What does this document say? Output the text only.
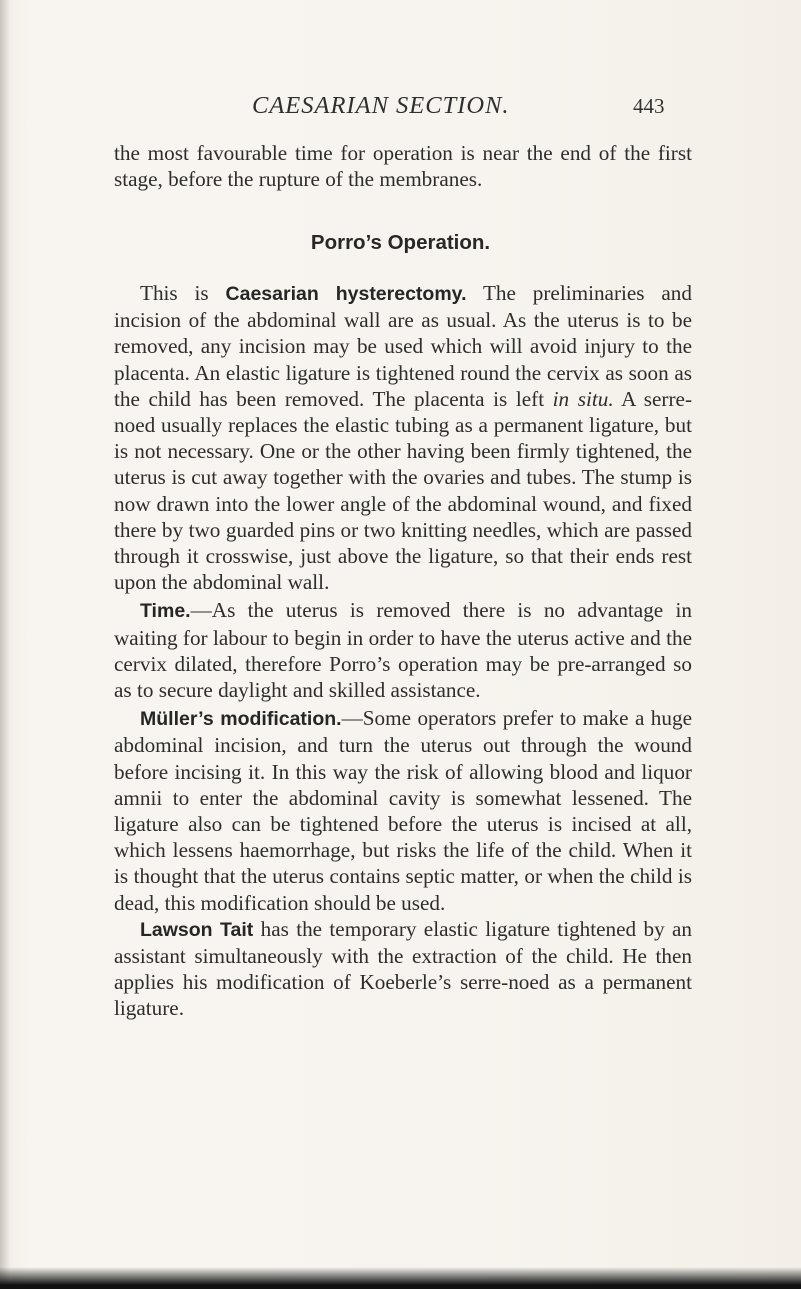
CAESARIAN SECTION.	443

the most favourable time for operation is near the end of the first stage, before the rupture of the membranes.

Porro’s Operation.

This is Caesarian hysterectomy. The preliminaries and incision of the abdominal wall are as usual. As the uterus is to be removed, any incision may be used which will avoid injury to the placenta. An elastic ligature is tightened round the cervix as soon as the child has been removed. The placenta is left in situ. A serre-noed usually replaces the elastic tubing as a permanent ligature, but is not necessary. One or the other having been firmly tightened, the uterus is cut away together with the ovaries and tubes. The stump is now drawn into the lower angle of the abdominal wound, and fixed there by two guarded pins or two knitting needles, which are passed through it crosswise, just above the ligature, so that their ends rest upon the abdominal wall.

Time.—As the uterus is removed there is no advantage in waiting for labour to begin in order to have the uterus active and the cervix dilated, therefore Porro’s operation may be pre-arranged so as to secure daylight and skilled assistance.

Müller’s modification.—Some operators prefer to make a huge abdominal incision, and turn the uterus out through the wound before incising it. In this way the risk of allowing blood and liquor amnii to enter the abdominal cavity is somewhat lessened. The ligature also can be tightened before the uterus is incised at all, which lessens haemorrhage, but risks the life of the child. When it is thought that the uterus contains septic matter, or when the child is dead, this modification should be used.

Lawson Tait has the temporary elastic ligature tightened by an assistant simultaneously with the extraction of the child. He then applies his modification of Koeberle’s serre-noed as a permanent ligature.
